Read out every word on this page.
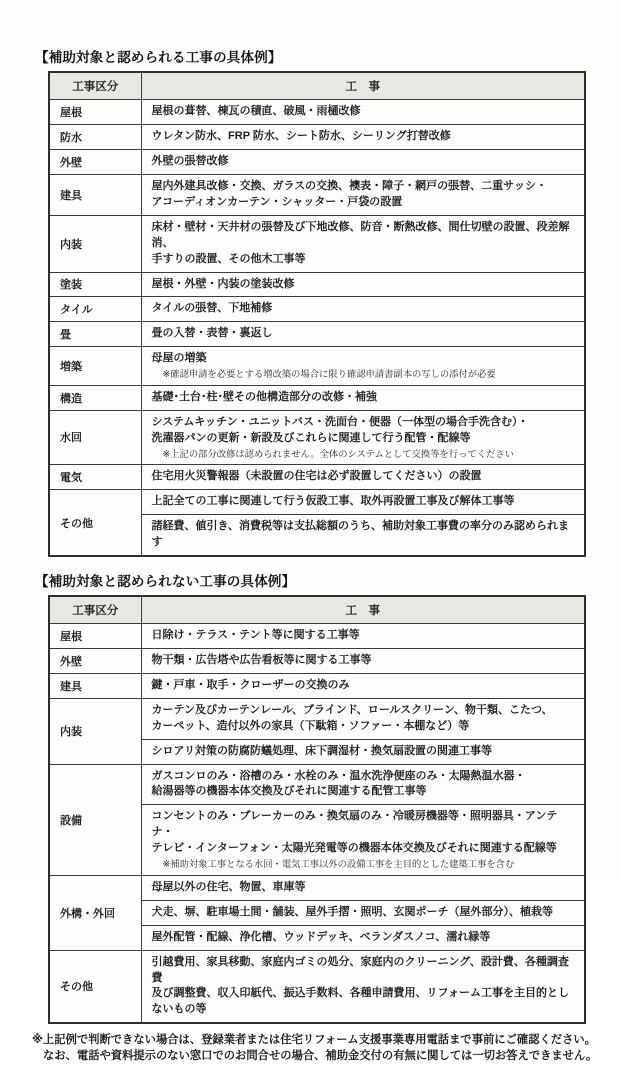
【補助対象と認められる工事の具体例】
工事区分	工　事
屋根	屋根の葺替、棟瓦の積直、破風・雨樋改修

防水	ウレタン防水、FRP 防水、シート防水、シーリング打替改修

外壁	外壁の張替改修

建具	屋内外建具改修・交換、ガラスの交換、襖表・障子・網戸の張替、二重サッシ・
アコーディオンカーテン・シャッター・戸袋の設置

内装	床材・壁材・天井材の張替及び下地改修、防音・断熱改修、間仕切壁の設置、段差解消、
手すりの設置、その他木工事等

塗装	屋根・外壁・内装の塗装改修

タイル	タイルの張替、下地補修

畳	畳の入替・表替・裏返し

増築	母屋の増築
※確認申請を必要とする増改築の場合に限り確認申請書副本の写しの添付が必要

構造	基礎･土台･柱･壁その他構造部分の改修・補強

水回	システムキッチン・ユニットバス・洗面台・便器（一体型の場合手洗含む）・
洗濯器パンの更新・新設及びこれらに関連して行う配管・配線等
※上記の部分改修は認められません。全体のシステムとして交換等を行ってください

電気	住宅用火災警報器（未設置の住宅は必ず設置してください）の設置

その他	上記全ての工事に関連して行う仮設工事、取外再設置工事及び解体工事等

	諸経費、値引き、消費税等は支払総額のうち、補助対象工事費の率分のみ認められます
【補助対象と認められない工事の具体例】
工事区分	工　事
屋根	日除け・テラス・テント等に関する工事等

外壁	物干類・広告塔や広告看板等に関する工事等

建具	鍵・戸車・取手・クローザーの交換のみ

内装	カーテン及びカーテンレール、ブラインド、ロールスクリーン、物干類、こたつ、
カーペット、造付以外の家具（下駄箱・ソファー・本棚など）等

	シロアリ対策の防腐防蟻処理、床下調湿材・換気扇設置の関連工事等

設備	ガスコンロのみ・浴槽のみ・水栓のみ・温水洗浄便座のみ・太陽熱温水器・
給湯器等の機器本体交換及びそれに関連する配管工事等

	コンセントのみ・ブレーカーのみ・換気扇のみ・冷暖房機器等・照明器具・アンテナ・
テレビ・インターフォン・太陽光発電等の機器本体交換及びそれに関連する配線等
※補助対象工事となる水回・電気工事以外の設備工事を主目的とした建築工事を含む

外構・外回	母屋以外の住宅、物置、車庫等

	犬走、塀、駐車場土間・舗装、屋外手摺・照明、玄関ポーチ（屋外部分）、植栽等

	屋外配管・配線、浄化槽、ウッドデッキ、ベランダスノコ、濡れ縁等

その他	引越費用、家具移動、家庭内ゴミの処分、家庭内のクリーニング、設計費、各種調査費
及び調整費、収入印紙代、振込手数料、各種申請費用、リフォーム工事を主目的としないもの等
※上記例で判断できない場合は、登録業者または住宅リフォーム支援事業専用電話まで事前にご確認ください。
なお、電話や資料提示のない窓口でのお問合せの場合、補助金交付の有無に関しては一切お答えできません。
